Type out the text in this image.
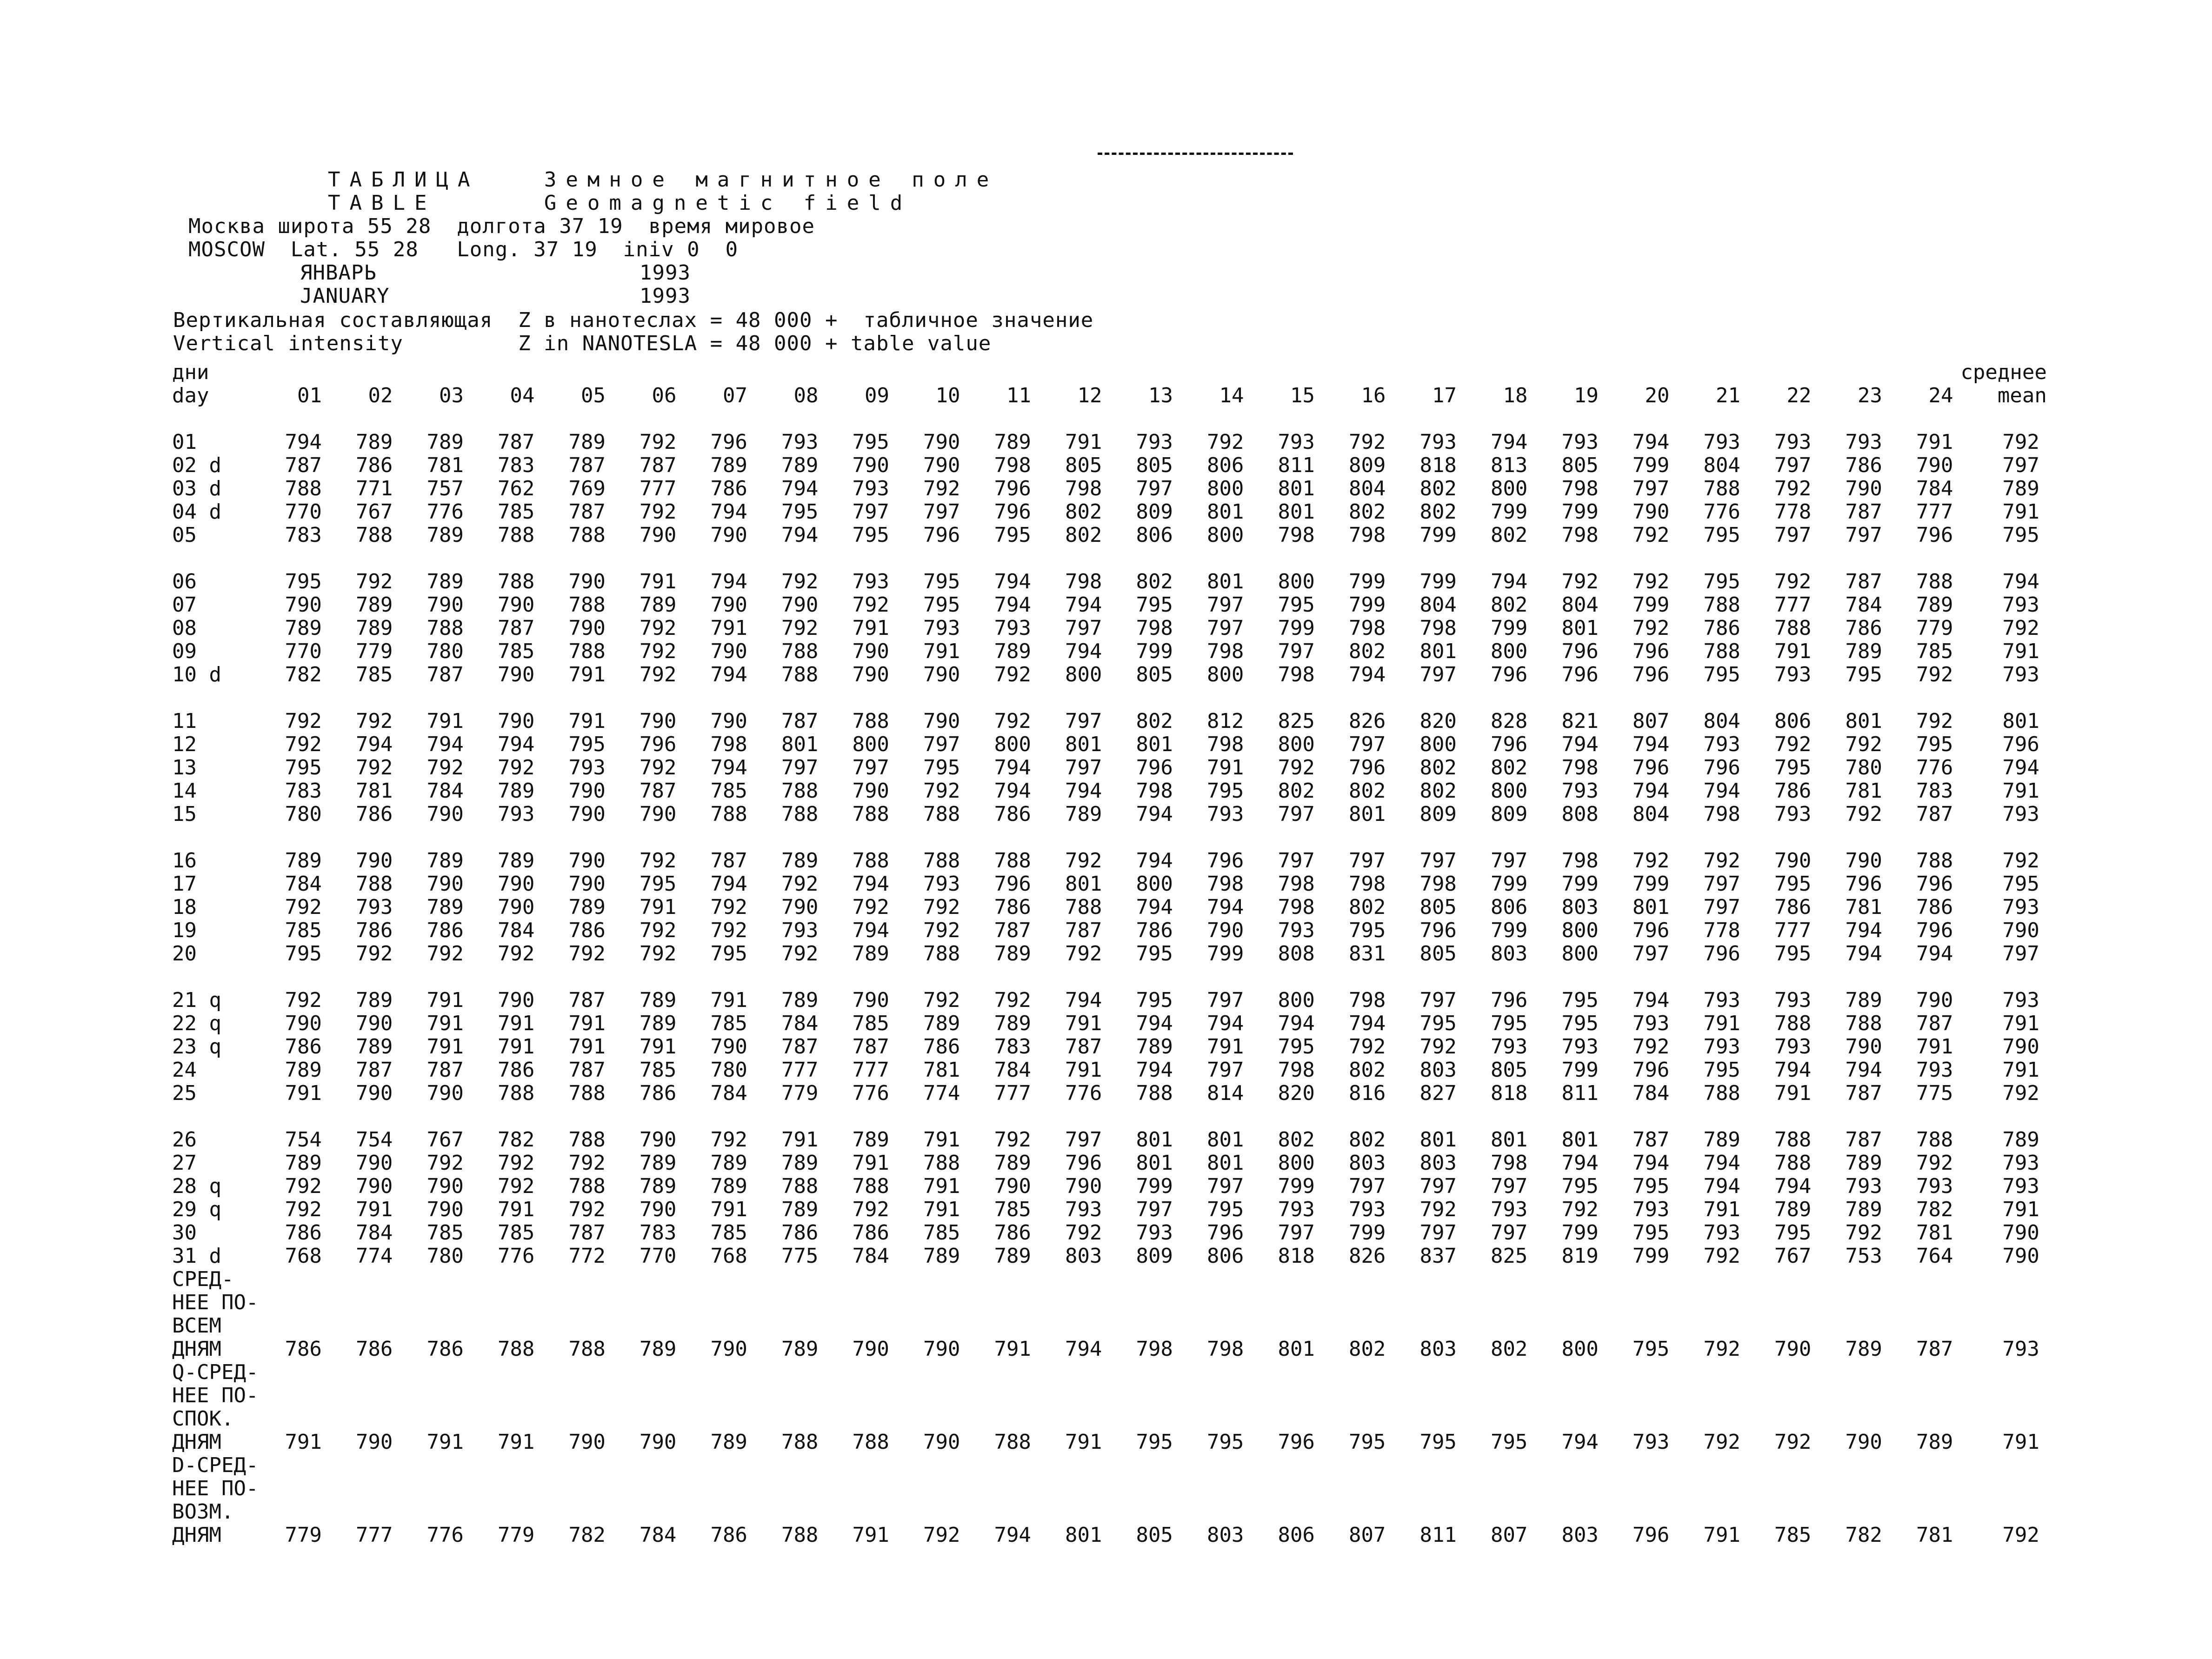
ТАБЛИЦА   Земное магнитное поле
TABLE     Geomagnetic field
Москва широта 55 28  долгота 37 19  время мировое
MOSCOW  Lat. 55 28   Long. 37 19  iniv 0  0
ЯНВАРЬ	1993
JANUARY	1993
Вертикальная составляющая  Z в нанотеслах = 48 000 +  табличное значение
Vertical intensity         Z in NANOTESLA = 48 000 + table value
дни																									среднее
day	01	02	03	04	05	06	07	08	09	10	11	12	13	14	15	16	17	18	19	20	21	22	23	24	mean

01	794	789	789	787	789	792	796	793	795	790	789	791	793	792	793	792	793	794	793	794	793	793	793	791	792
02 d	787	786	781	783	787	787	789	789	790	790	798	805	805	806	811	809	818	813	805	799	804	797	786	790	797
03 d	788	771	757	762	769	777	786	794	793	792	796	798	797	800	801	804	802	800	798	797	788	792	790	784	789
04 d	770	767	776	785	787	792	794	795	797	797	796	802	809	801	801	802	802	799	799	790	776	778	787	777	791
05	783	788	789	788	788	790	790	794	795	796	795	802	806	800	798	798	799	802	798	792	795	797	797	796	795

06	795	792	789	788	790	791	794	792	793	795	794	798	802	801	800	799	799	794	792	792	795	792	787	788	794
07	790	789	790	790	788	789	790	790	792	795	794	794	795	797	795	799	804	802	804	799	788	777	784	789	793
08	789	789	788	787	790	792	791	792	791	793	793	797	798	797	799	798	798	799	801	792	786	788	786	779	792
09	770	779	780	785	788	792	790	788	790	791	789	794	799	798	797	802	801	800	796	796	788	791	789	785	791
10 d	782	785	787	790	791	792	794	788	790	790	792	800	805	800	798	794	797	796	796	796	795	793	795	792	793

11	792	792	791	790	791	790	790	787	788	790	792	797	802	812	825	826	820	828	821	807	804	806	801	792	801
12	792	794	794	794	795	796	798	801	800	797	800	801	801	798	800	797	800	796	794	794	793	792	792	795	796
13	795	792	792	792	793	792	794	797	797	795	794	797	796	791	792	796	802	802	798	796	796	795	780	776	794
14	783	781	784	789	790	787	785	788	790	792	794	794	798	795	802	802	802	800	793	794	794	786	781	783	791
15	780	786	790	793	790	790	788	788	788	788	786	789	794	793	797	801	809	809	808	804	798	793	792	787	793

16	789	790	789	789	790	792	787	789	788	788	788	792	794	796	797	797	797	797	798	792	792	790	790	788	792
17	784	788	790	790	790	795	794	792	794	793	796	801	800	798	798	798	798	799	799	799	797	795	796	796	795
18	792	793	789	790	789	791	792	790	792	792	786	788	794	794	798	802	805	806	803	801	797	786	781	786	793
19	785	786	786	784	786	792	792	793	794	792	787	787	786	790	793	795	796	799	800	796	778	777	794	796	790
20	795	792	792	792	792	792	795	792	789	788	789	792	795	799	808	831	805	803	800	797	796	795	794	794	797

21 q	792	789	791	790	787	789	791	789	790	792	792	794	795	797	800	798	797	796	795	794	793	793	789	790	793
22 q	790	790	791	791	791	789	785	784	785	789	789	791	794	794	794	794	795	795	795	793	791	788	788	787	791
23 q	786	789	791	791	791	791	790	787	787	786	783	787	789	791	795	792	792	793	793	792	793	793	790	791	790
24	789	787	787	786	787	785	780	777	777	781	784	791	794	797	798	802	803	805	799	796	795	794	794	793	791
25	791	790	790	788	788	786	784	779	776	774	777	776	788	814	820	816	827	818	811	784	788	791	787	775	792

26	754	754	767	782	788	790	792	791	789	791	792	797	801	801	802	802	801	801	801	787	789	788	787	788	789
27	789	790	792	792	792	789	789	789	791	788	789	796	801	801	800	803	803	798	794	794	794	788	789	792	793
28 q	792	790	790	792	788	789	789	788	788	791	790	790	799	797	799	797	797	797	795	795	794	794	793	793	793
29 q	792	791	790	791	792	790	791	789	792	791	785	793	797	795	793	793	792	793	792	793	791	789	789	782	791
30	786	784	785	785	787	783	785	786	786	785	786	792	793	796	797	799	797	797	799	795	793	795	792	781	790
31 d	768	774	780	776	772	770	768	775	784	789	789	803	809	806	818	826	837	825	819	799	792	767	753	764	790
СРЕД-																									
НЕЕ ПО-																									
ВСЕМ																									
ДНЯМ	786	786	786	788	788	789	790	789	790	790	791	794	798	798	801	802	803	802	800	795	792	790	789	787	793
Q-СРЕД-																									
НЕЕ ПО-																									
СПОК.																									
ДНЯМ	791	790	791	791	790	790	789	788	788	790	788	791	795	795	796	795	795	795	794	793	792	792	790	789	791
D-СРЕД-																									
НЕЕ ПО-																									
ВОЗМ.																									
ДНЯМ	779	777	776	779	782	784	786	788	791	792	794	801	805	803	806	807	811	807	803	796	791	785	782	781	792
